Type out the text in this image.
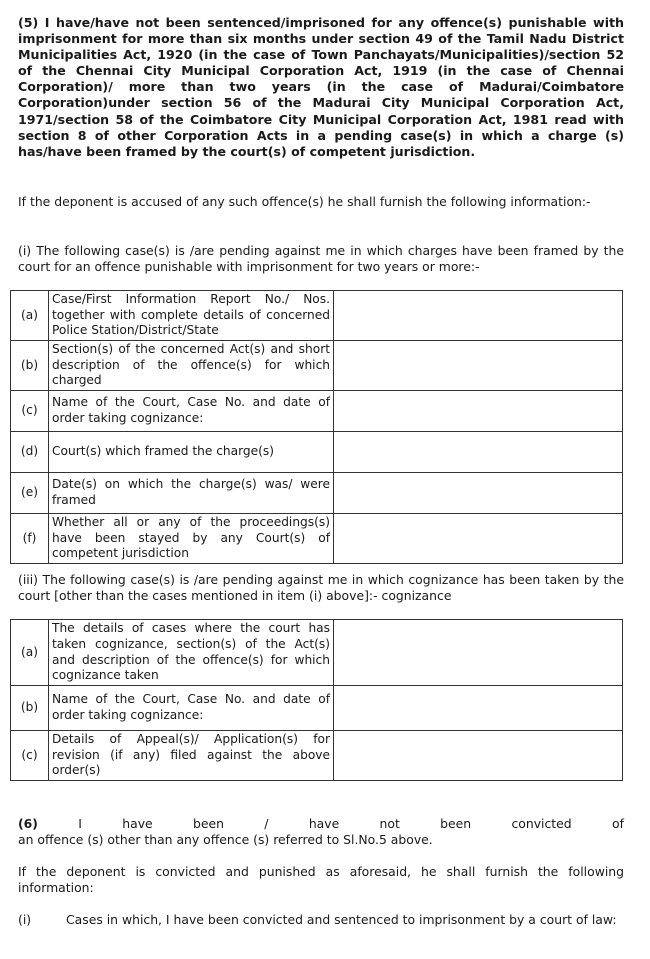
(5) I have/have not been sentenced/imprisoned for any offence(s) punishable with imprisonment for more than six months under section 49 of the Tamil Nadu District Municipalities Act, 1920 (in the case of Town Panchayats/Municipalities)/section 52 of the Chennai City Municipal Corporation Act, 1919 (in the case of Chennai Corporation)/ more than two years (in the case of Madurai/Coimbatore Corporation)under section 56 of the Madurai City Municipal Corporation Act, 1971/section 58 of the Coimbatore City Municipal Corporation Act, 1981 read with section 8 of other Corporation Acts in a pending case(s) in which a charge (s) has/have been framed by the court(s) of competent jurisdiction.
If the deponent is accused of any such offence(s) he shall furnish the following information:-
(i) The following case(s) is /are pending against me in which charges have been framed by the court for an offence punishable with imprisonment for two years or more:-
(a)	Case/First Information Report No./ Nos. together with complete details of concerned Police Station/District/State	
(b)	Section(s) of the concerned Act(s) and short description of the offence(s) for which charged	
(c)	Name of the Court, Case No. and date of order taking cognizance:	
(d)	Court(s) which framed the charge(s)	
(e)	Date(s) on which the charge(s) was/ were framed	
(f)	Whether all or any of the proceedings(s) have been stayed by any Court(s) of competent jurisdiction	
(iii) The following case(s) is /are pending against me in which cognizance has been taken by the court [other than the cases mentioned in item (i) above]:- cognizance
(a)	The details of cases where the court has taken cognizance, section(s) of the Act(s) and description of the offence(s) for which cognizance taken	
(b)	Name of the Court, Case No. and date of order taking cognizance:	
(c)	Details of Appeal(s)/ Application(s) for revision (if any) filed against the above order(s)	
(6)	I	have	been	/	have	not	been	convicted	of
an offence (s) other than any offence (s) referred to Sl.No.5 above.
If the deponent is convicted and punished as aforesaid, he shall furnish the following information:
(i)	Cases in which, I have been convicted and sentenced to imprisonment by a court of law:
